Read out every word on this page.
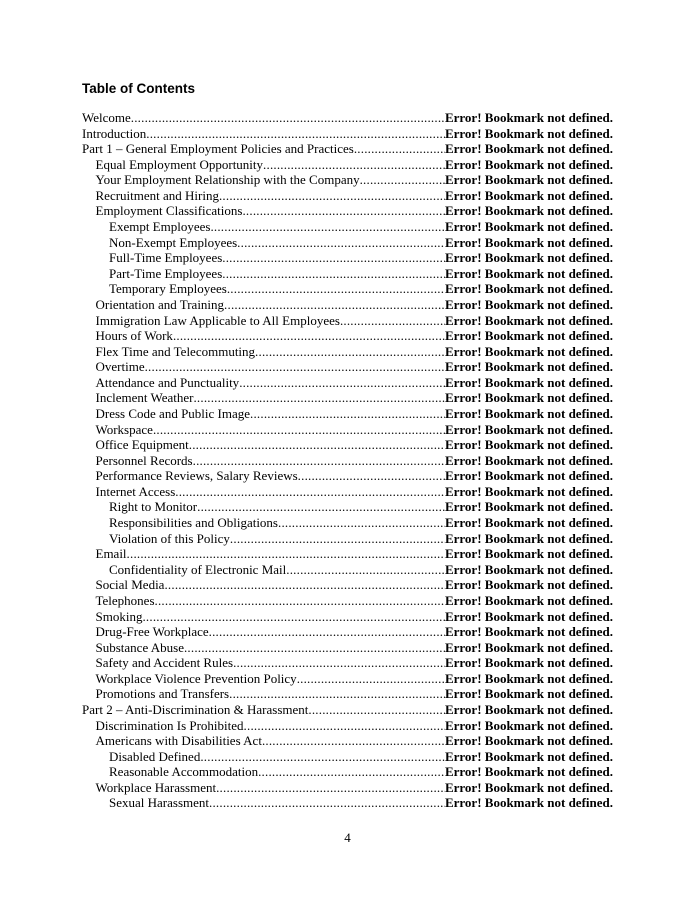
Table of Contents
Welcome .....	Error! Bookmark not defined.
Introduction .....	Error! Bookmark not defined.
Part 1 – General Employment Policies and Practices .....	Error! Bookmark not defined.
Equal Employment Opportunity .....	Error! Bookmark not defined.
Your Employment Relationship with the Company .....	Error! Bookmark not defined.
Recruitment and Hiring .....	Error! Bookmark not defined.
Employment Classifications .....	Error! Bookmark not defined.
Exempt Employees .....	Error! Bookmark not defined.
Non-Exempt Employees .....	Error! Bookmark not defined.
Full-Time Employees .....	Error! Bookmark not defined.
Part-Time Employees .....	Error! Bookmark not defined.
Temporary Employees .....	Error! Bookmark not defined.
Orientation and Training .....	Error! Bookmark not defined.
Immigration Law Applicable to All Employees .....	Error! Bookmark not defined.
Hours of Work .....	Error! Bookmark not defined.
Flex Time and Telecommuting .....	Error! Bookmark not defined.
Overtime .....	Error! Bookmark not defined.
Attendance and Punctuality .....	Error! Bookmark not defined.
Inclement Weather .....	Error! Bookmark not defined.
Dress Code and Public Image .....	Error! Bookmark not defined.
Workspace .....	Error! Bookmark not defined.
Office Equipment .....	Error! Bookmark not defined.
Personnel Records .....	Error! Bookmark not defined.
Performance Reviews, Salary Reviews .....	Error! Bookmark not defined.
Internet Access .....	Error! Bookmark not defined.
Right to Monitor .....	Error! Bookmark not defined.
Responsibilities and Obligations .....	Error! Bookmark not defined.
Violation of this Policy .....	Error! Bookmark not defined.
Email .....	Error! Bookmark not defined.
Confidentiality of Electronic Mail .....	Error! Bookmark not defined.
Social Media .....	Error! Bookmark not defined.
Telephones .....	Error! Bookmark not defined.
Smoking .....	Error! Bookmark not defined.
Drug-Free Workplace .....	Error! Bookmark not defined.
Substance Abuse .....	Error! Bookmark not defined.
Safety and Accident Rules .....	Error! Bookmark not defined.
Workplace Violence Prevention Policy .....	Error! Bookmark not defined.
Promotions and Transfers .....	Error! Bookmark not defined.
Part 2 – Anti-Discrimination & Harassment .....	Error! Bookmark not defined.
Discrimination Is Prohibited .....	Error! Bookmark not defined.
Americans with Disabilities Act .....	Error! Bookmark not defined.
Disabled Defined .....	Error! Bookmark not defined.
Reasonable Accommodation .....	Error! Bookmark not defined.
Workplace Harassment .....	Error! Bookmark not defined.
Sexual Harassment .....	Error! Bookmark not defined.
4
